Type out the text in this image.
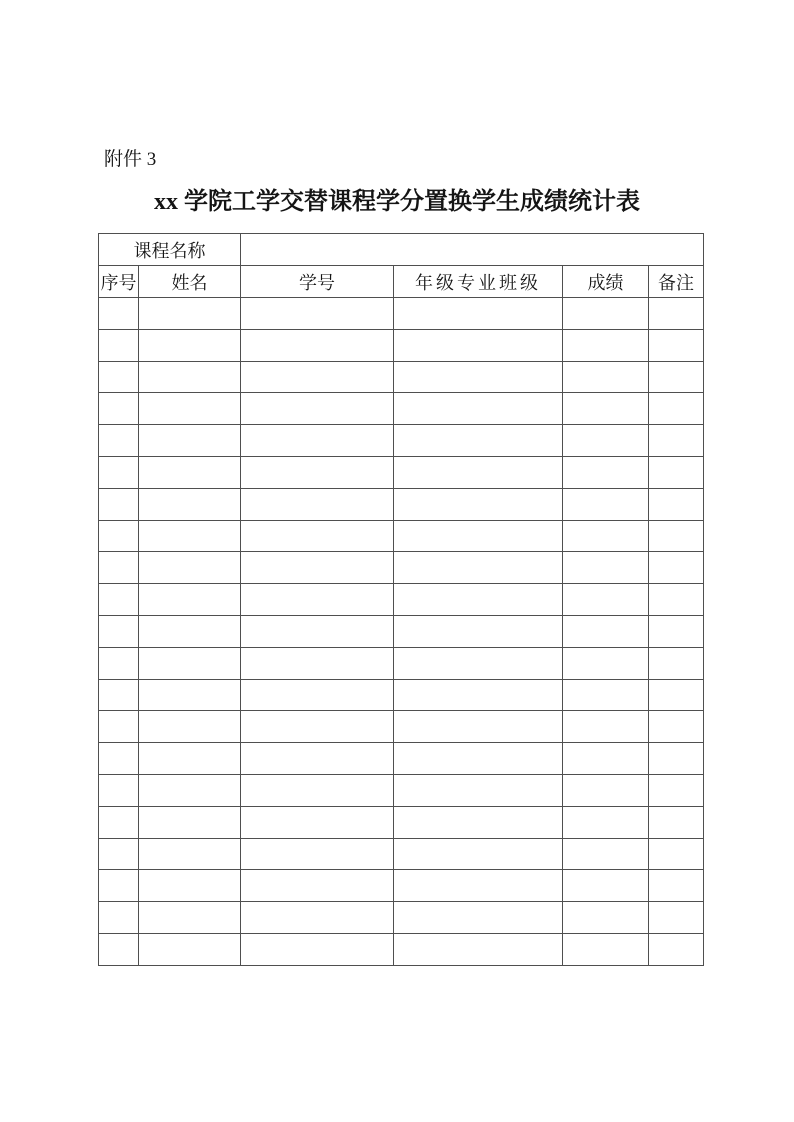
附件 3
xx 学院工学交替课程学分置换学生成绩统计表
课程名称					
序号	姓名	学号	年级专业班级	成绩	备注
